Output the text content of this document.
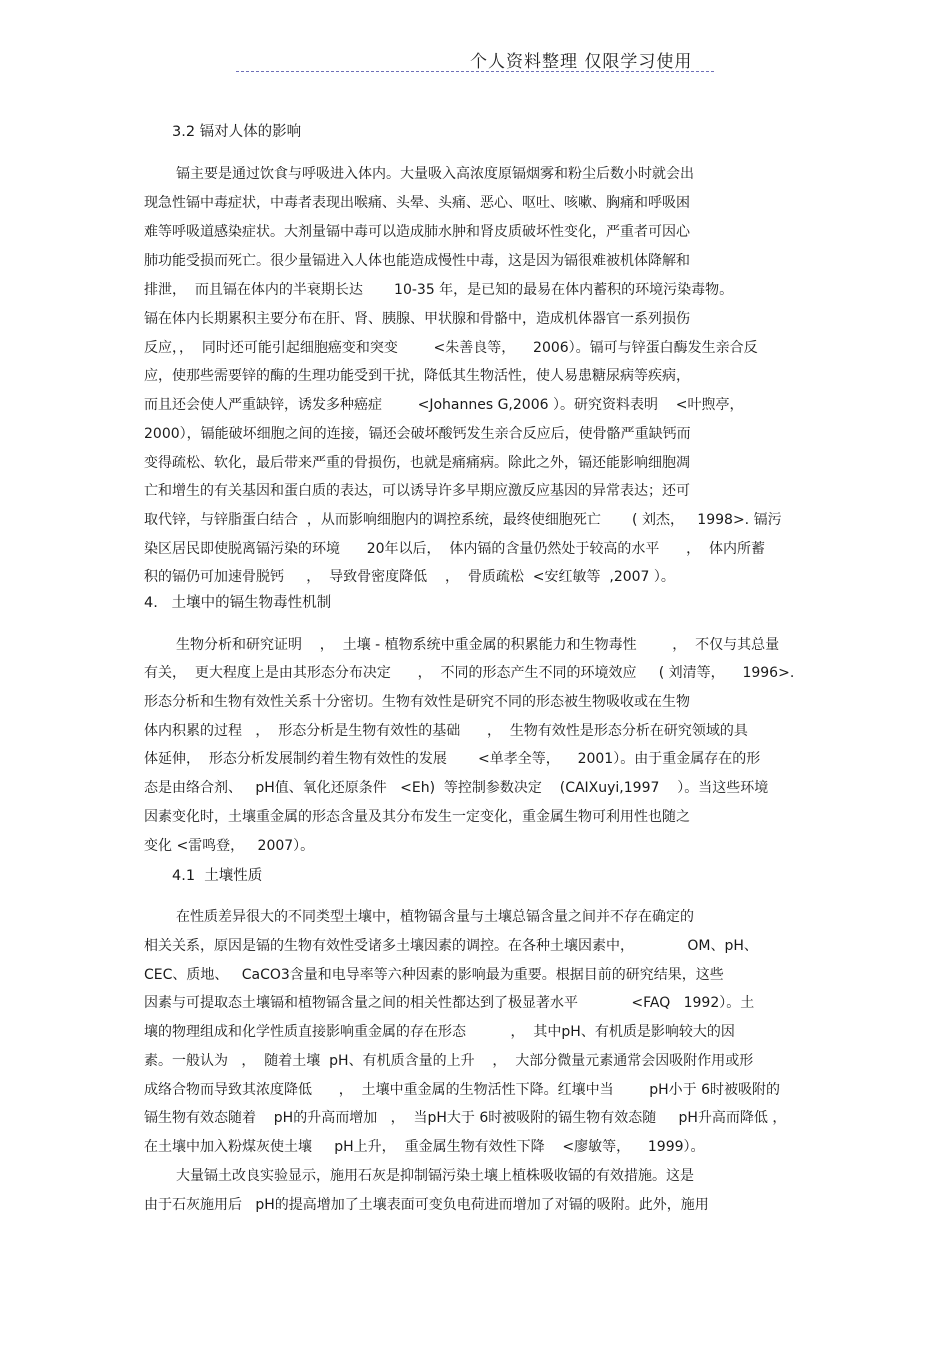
个人资料整理 仅限学习使用
3.2 镉对人体的影响
镉主要是通过饮食与呼吸进入体内。大量吸入高浓度原镉烟雾和粉尘后数小时就会出
现急性镉中毒症状，中毒者表现出喉痛、头晕、头痛、恶心、呕吐、咳嗽、胸痛和呼吸困
难等呼吸道感染症状。大剂量镉中毒可以造成肺水肿和肾皮质破坏性变化，严重者可因心
肺功能受损而死亡。很少量镉进入人体也能造成慢性中毒，这是因为镉很难被机体降解和
排泄，  而且镉在体内的半衰期长达       10-35 年，是已知的最易在体内蓄积的环境污染毒物。
镉在体内长期累积主要分布在肝、肾、胰腺、甲状腺和骨骼中，造成机体器官一系列损伤
反应，，  同时还可能引起细胞癌变和突变        <朱善良等，    2006）。镉可与锌蛋白酶发生亲合反
应，使那些需要锌的酶的生理功能受到干扰，降低其生物活性，使人易患糖尿病等疾病，
而且还会使人严重缺锌，诱发多种癌症        <Johannes G,2006 ）。研究资料表明    <叶煦亭，
2000），镉能破坏细胞之间的连接，镉还会破坏酸钙发生亲合反应后，使骨骼严重缺钙而
变得疏松、软化，最后带来严重的骨损伤，也就是痛痛病。除此之外，镉还能影响细胞凋
亡和增生的有关基因和蛋白质的表达，可以诱导许多早期应激反应基因的异常表达；还可
取代锌，与锌脂蛋白结合  ，从而影响细胞内的调控系统，最终使细胞死亡       ( 刘杰，   1998>. 镉污
染区居民即使脱离镉污染的环境      20年以后，  体内镉的含量仍然处于较高的水平      ，  体内所蓄
积的镉仍可加速骨脱钙     ，  导致骨密度降低    ，  骨质疏松  <安红敏等  ,2007 ）。
4.   土壤中的镉生物毒性机制
生物分析和研究证明    ，  土壤 - 植物系统中重金属的积累能力和生物毒性        ，  不仅与其总量
有关，  更大程度上是由其形态分布决定      ，  不同的形态产生不同的环境效应     ( 刘清等，    1996>.
形态分析和生物有效性关系十分密切。生物有效性是研究不同的形态被生物吸收或在生物
体内积累的过程   ，  形态分析是生物有效性的基础      ，  生物有效性是形态分析在研究领域的具
体延伸，  形态分析发展制约着生物有效性的发展       <单孝全等，    2001）。由于重金属存在的形
态是由络合剂、   pH值、氧化还原条件   <Eh)  等控制参数决定    (CAIXuyi,1997    ）。当这些环境
因素变化时，土壤重金属的形态含量及其分布发生一定变化，重金属生物可利用性也随之
变化 <雷鸣登，   2007）。
4.1  土壤性质
在性质差异很大的不同类型土壤中，植物镉含量与土壤总镉含量之间并不存在确定的
相关关系，原因是镉的生物有效性受诸多土壤因素的调控。在各种土壤因素中，            OM、pH、
CEC、质地、   CaCO3含量和电导率等六种因素的影响最为重要。根据目前的研究结果，这些
因素与可提取态土壤镉和植物镉含量之间的相关性都达到了极显著水平            <FAQ   1992）。土
壤的物理组成和化学性质直接影响重金属的存在形态          ，  其中pH、有机质是影响较大的因
素。一般认为   ，  随着土壤  pH、有机质含量的上升    ，  大部分微量元素通常会因吸附作用或形
成络合物而导致其浓度降低      ，  土壤中重金属的生物活性下降。红壤中当        pH小于 6时被吸附的
镉生物有效态随着    pH的升高而增加   ，  当pH大于 6时被吸附的镉生物有效态随     pH升高而降低 ，
在土壤中加入粉煤灰使土壤     pH上升，  重金属生物有效性下降    <廖敏等，    1999）。
大量镉土改良实验显示，施用石灰是抑制镉污染土壤上植株吸收镉的有效措施。这是
由于石灰施用后   pH的提高增加了土壤表面可变负电荷进而增加了对镉的吸附。此外，施用
